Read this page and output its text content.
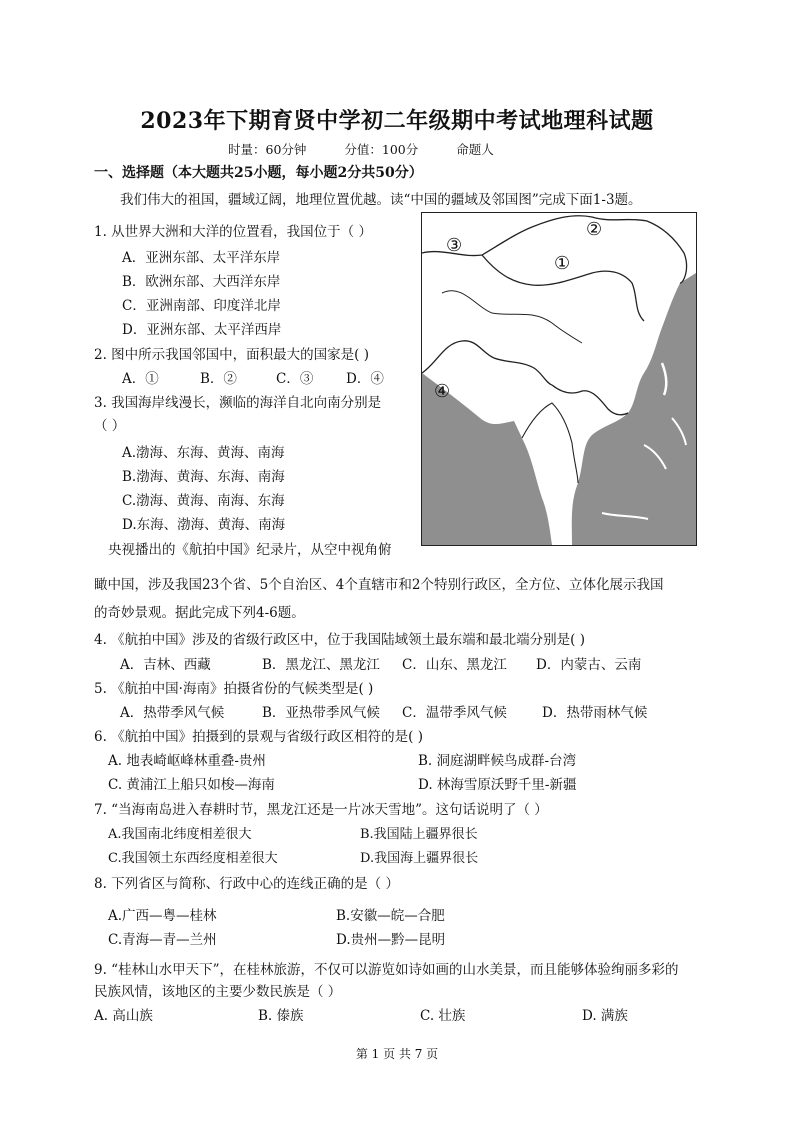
2023年下期育贤中学初二年级期中考试地理科试题
时量：60分钟	分值：100分	命题人
一、选择题（本大题共25小题，每小题2分共50分）
我们伟大的祖国，疆域辽阔，地理位置优越。读“中国的疆域及邻国图”完成下面1-3题。
1. 从世界大洲和大洋的位置看，我国位于（ ）
A．亚洲东部、太平洋东岸
B．欧洲东部、大西洋东岸
C．亚洲南部、印度洋北岸
D．亚洲东部、太平洋西岸
2. 图中所示我国邻国中，面积最大的国家是( )
A．①	B．②	C．③ D．④
3. 我国海岸线漫长，濒临的海洋自北向南分别是
（ ）
A.渤海、东海、黄海、南海
B.渤海、黄海、东海、南海
C.渤海、黄海、南海、东海
D.东海、渤海、黄海、南海
①
②
③
④
央视播出的《航拍中国》纪录片，从空中视角俯
瞰中国，涉及我国23个省、5个自治区、4个直辖市和2个特别行政区，全方位、立体化展示我国
的奇妙景观。据此完成下列4-6题。
4. 《航拍中国》涉及的省级行政区中，位于我国陆域领土最东端和最北端分别是( )
A．吉林、西藏	B．黑龙江、黑龙江 C．山东、黑龙江 D．内蒙古、云南
5. 《航拍中国·海南》拍摄省份的气候类型是( )
A．热带季风气候	B．亚热带季风气候 C．温带季风气候	D．热带雨林气候
6. 《航拍中国》拍摄到的景观与省级行政区相符的是( )
A. 地表崎岖峰林重叠-贵州	B. 洞庭湖畔候鸟成群-台湾
C. 黄浦江上船只如梭—海南	D. 林海雪原沃野千里-新疆
7. “当海南岛进入春耕时节，黑龙江还是一片冰天雪地”。这句话说明了（ ）
A.我国南北纬度相差很大	B.我国陆上疆界很长
C.我国领土东西经度相差很大	D.我国海上疆界很长
8. 下列省区与简称、行政中心的连线正确的是（ ）
A.广西—粤—桂林	B.安徽—皖—合肥
C.青海—青—兰州	D.贵州—黔—昆明
9. “桂林山水甲天下”，在桂林旅游，不仅可以游览如诗如画的山水美景，而且能够体验绚丽多彩的
民族风情，该地区的主要少数民族是（ ）
A. 高山族	B. 傣族	C. 壮族	D. 满族
第 1 页 共 7 页
